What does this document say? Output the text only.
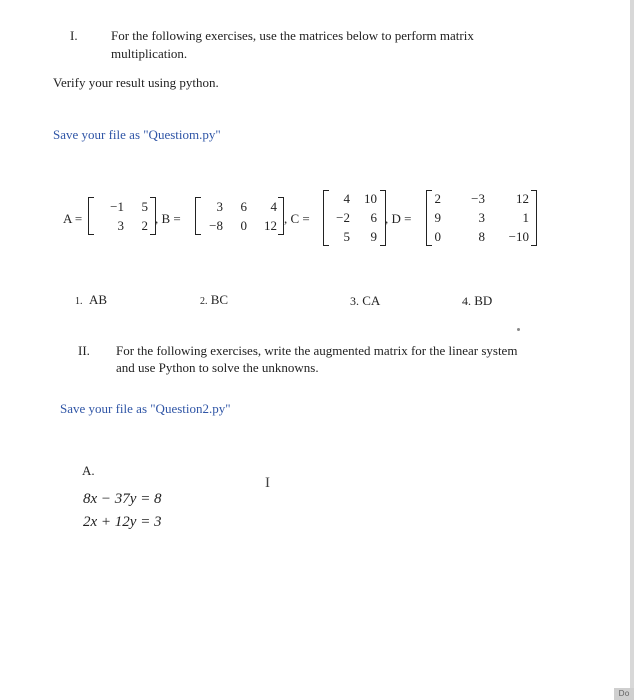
I.	For the following exercises, use the matrices below to perform matrix
multiplication.
Verify your result using python.
Save your file as "Questiom.py"
A =
−1	5
3	2 , B =
3	6	4
−8	0	12 , C =
4	10
−2	6
5	9
, D =
2	−3	12
9	3	1
0	8 −10
1. AB	2. BC	3. CA	4. BD
II. For the following exercises, write the augmented matrix for the linear system
and use Python to solve the unknowns.
Save your file as "Question2.py"
A.
8x − 37y = 8
2x + 12y = 3
I
Do
